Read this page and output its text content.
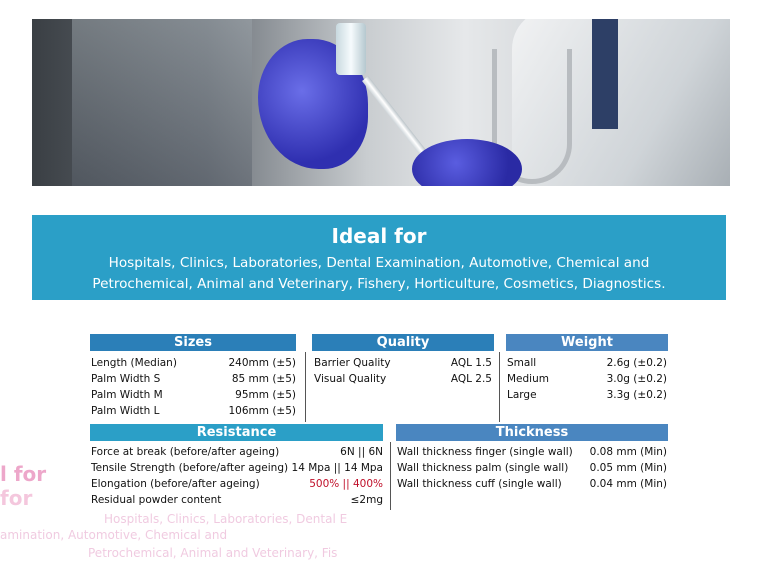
Ideal for
Hospitals, Clinics, Laboratories, Dental Examination, Automotive, Chemical and Petrochemical, Animal and Veterinary, Fishery, Horticulture, Cosmetics, Diagnostics.
Sizes
Length (Median)	240mm (±5)
Palm Width S	85 mm (±5)
Palm Width M	95mm (±5)
Palm Width L	106mm (±5)
Quality
Barrier Quality	AQL 1.5
Visual Quality	AQL 2.5
Weight
Small	2.6g (±0.2)
Medium	3.0g (±0.2)
Large	3.3g (±0.2)
Resistance
Force at break (before/after ageing)	6N || 6N
Tensile Strength (before/after ageing) 14 Mpa || 14 Mpa
Elongation (before/after ageing)	500% || 400%
Residual powder content	≤2mg
Thickness
Wall thickness finger (single wall) 0.08 mm (Min)
Wall thickness palm (single wall) 0.05 mm (Min)
Wall thickness cuff (single wall)	0.04 mm (Min)
l for
for
Hospitals, Clinics, Laboratories, Dental E
amination, Automotive, Chemical and
Petrochemical, Animal and Veterinary, Fis
